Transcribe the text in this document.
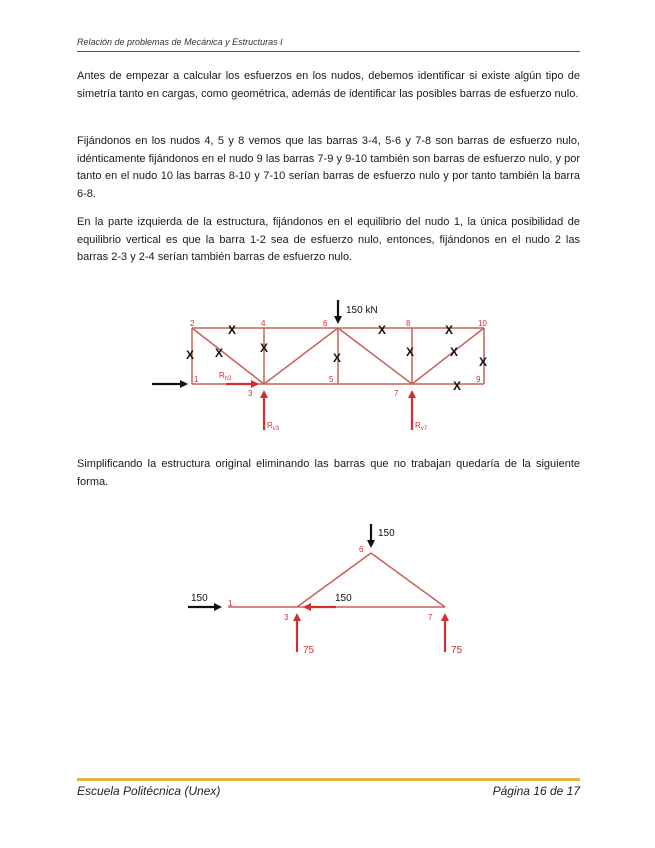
Relación de problemas de Mecánica y Estructuras I
Antes de empezar a calcular los esfuerzos en los nudos, debemos identificar si existe algún tipo de simetría tanto en cargas, como geométrica, además de identificar las posibles barras de esfuerzo nulo.
Fijándonos en los nudos 4, 5 y 8 vemos que las barras 3-4, 5-6 y 7-8 son barras de esfuerzo nulo, idénticamente fijándonos en el nudo 9 las barras 7-9 y 9-10 también son barras de esfuerzo nulo, y por tanto en el nudo 10 las barras 8-10 y 7-10 serían barras de esfuerzo nulo y por tanto también la barra 6-8.
En la parte izquierda de la estructura, fijándonos en el equilibrio del nudo 1, la única posibilidad de equilibrio vertical es que la barra 1-2 sea de esfuerzo nulo, entonces, fijándonos en el nudo 2 las barras 2-3 y 2-4 serían también barras de esfuerzo nulo.
150 kN
$R_{h3}$
$R_{v3}$	$R_{v7}$
1
2
3
4
5
6
7
8
9
10
X
X X	X
X
X
X
X
X
X
X
Simplificando la estructura original eliminando las barras que no trabajan quedaría de la siguiente forma.
150
150	150
75	75
1
3
6
7
Escuela Politécnica (Unex)	Página 16 de 17
